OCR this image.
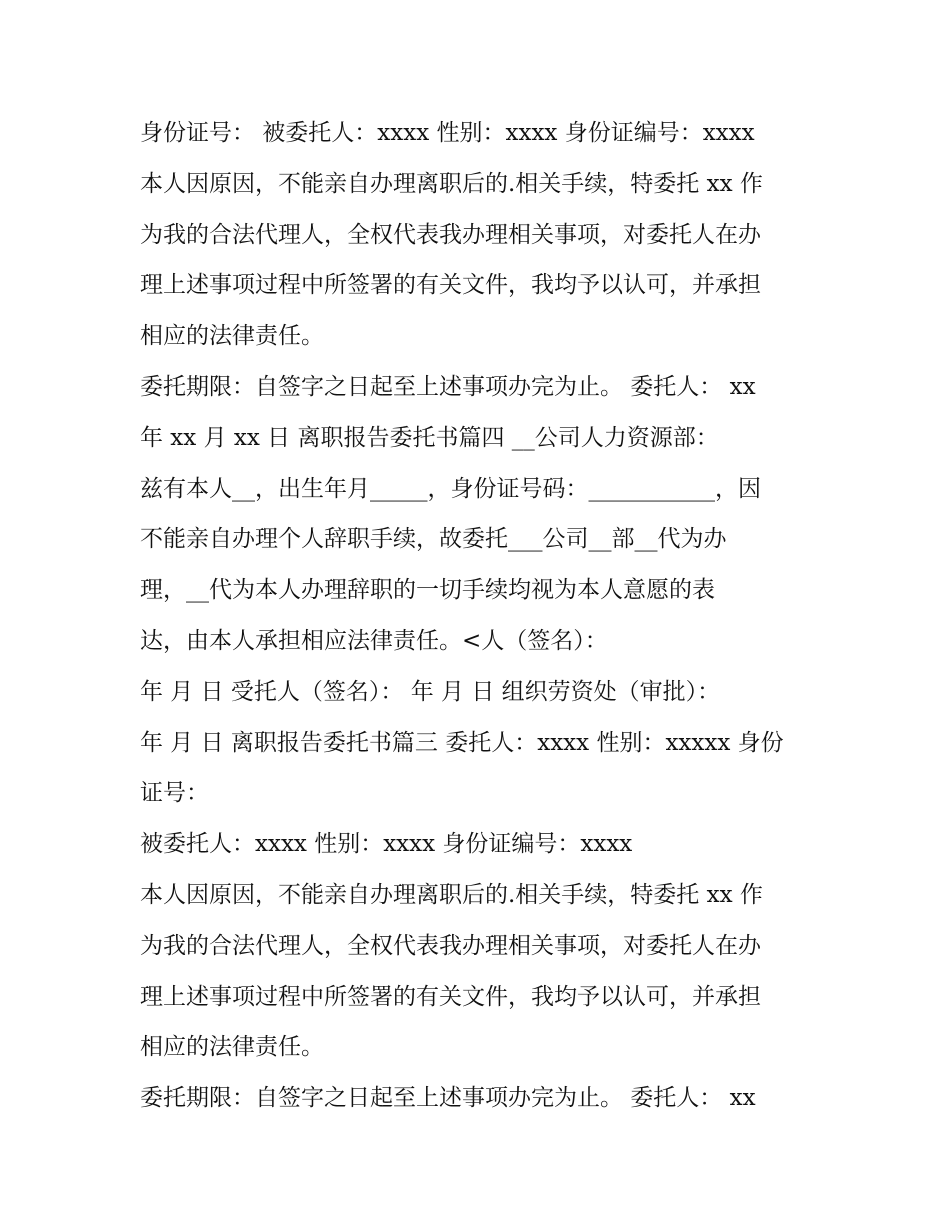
身份证号： 被委托人：xxxx 性别：xxxx 身份证编号：xxxx
本人因原因，不能亲自办理离职后的.相关手续，特委托 xx 作
为我的合法代理人，全权代表我办理相关事项，对委托人在办
理上述事项过程中所签署的有关文件，我均予以认可，并承担
相应的法律责任。
委托期限：自签字之日起至上述事项办完为止。 委托人： xx
年 xx 月 xx 日 离职报告委托书篇四 __公司人力资源部：
兹有本人__，出生年月_____，身份证号码：___________，因
不能亲自办理个人辞职手续，故委托___公司__部__代为办
理，__代为本人办理辞职的一切手续均视为本人意愿的表
达，由本人承担相应法律责任。<人（签名）：
年 月 日 受托人（签名）： 年 月 日 组织劳资处（审批）：
年 月 日 离职报告委托书篇三 委托人：xxxx 性别：xxxxx 身份
证号：
被委托人：xxxx 性别：xxxx 身份证编号：xxxx
本人因原因，不能亲自办理离职后的.相关手续，特委托 xx 作
为我的合法代理人，全权代表我办理相关事项，对委托人在办
理上述事项过程中所签署的有关文件，我均予以认可，并承担
相应的法律责任。
委托期限：自签字之日起至上述事项办完为止。 委托人： xx
